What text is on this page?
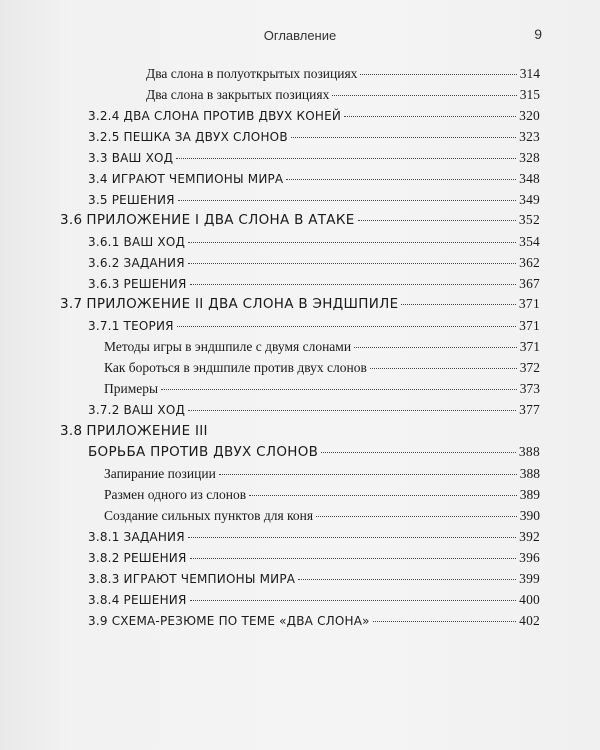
Оглавление	9
Два слона в полуоткрытых позициях	314
Два слона в закрытых позициях	315
3.2.4 ДВА СЛОНА ПРОТИВ ДВУХ КОНЕЙ	320
3.2.5 ПЕШКА ЗА ДВУХ СЛОНОВ	323
3.3 ВАШ ХОД	328
3.4 ИГРАЮТ ЧЕМПИОНЫ МИРА	348
3.5 РЕШЕНИЯ	349
3.6 ПРИЛОЖЕНИЕ I ДВА СЛОНА В АТАКЕ	352
3.6.1 ВАШ ХОД	354
3.6.2 ЗАДАНИЯ	362
3.6.3 РЕШЕНИЯ	367
3.7 ПРИЛОЖЕНИЕ II ДВА СЛОНА В ЭНДШПИЛЕ	371
3.7.1 ТЕОРИЯ	371
Методы игры в эндшпиле с двумя слонами	371
Как бороться в эндшпиле против двух слонов	372
Примеры	373
3.7.2 ВАШ ХОД	377
3.8 ПРИЛОЖЕНИЕ III
БОРЬБА ПРОТИВ ДВУХ СЛОНОВ	388
Запирание позиции	388
Размен одного из слонов	389
Создание сильных пунктов для коня	390
3.8.1 ЗАДАНИЯ	392
3.8.2 РЕШЕНИЯ	396
3.8.3 ИГРАЮТ ЧЕМПИОНЫ МИРА	399
3.8.4 РЕШЕНИЯ	400
3.9 СХЕМА-РЕЗЮМЕ ПО ТЕМЕ «ДВА СЛОНА»	402
